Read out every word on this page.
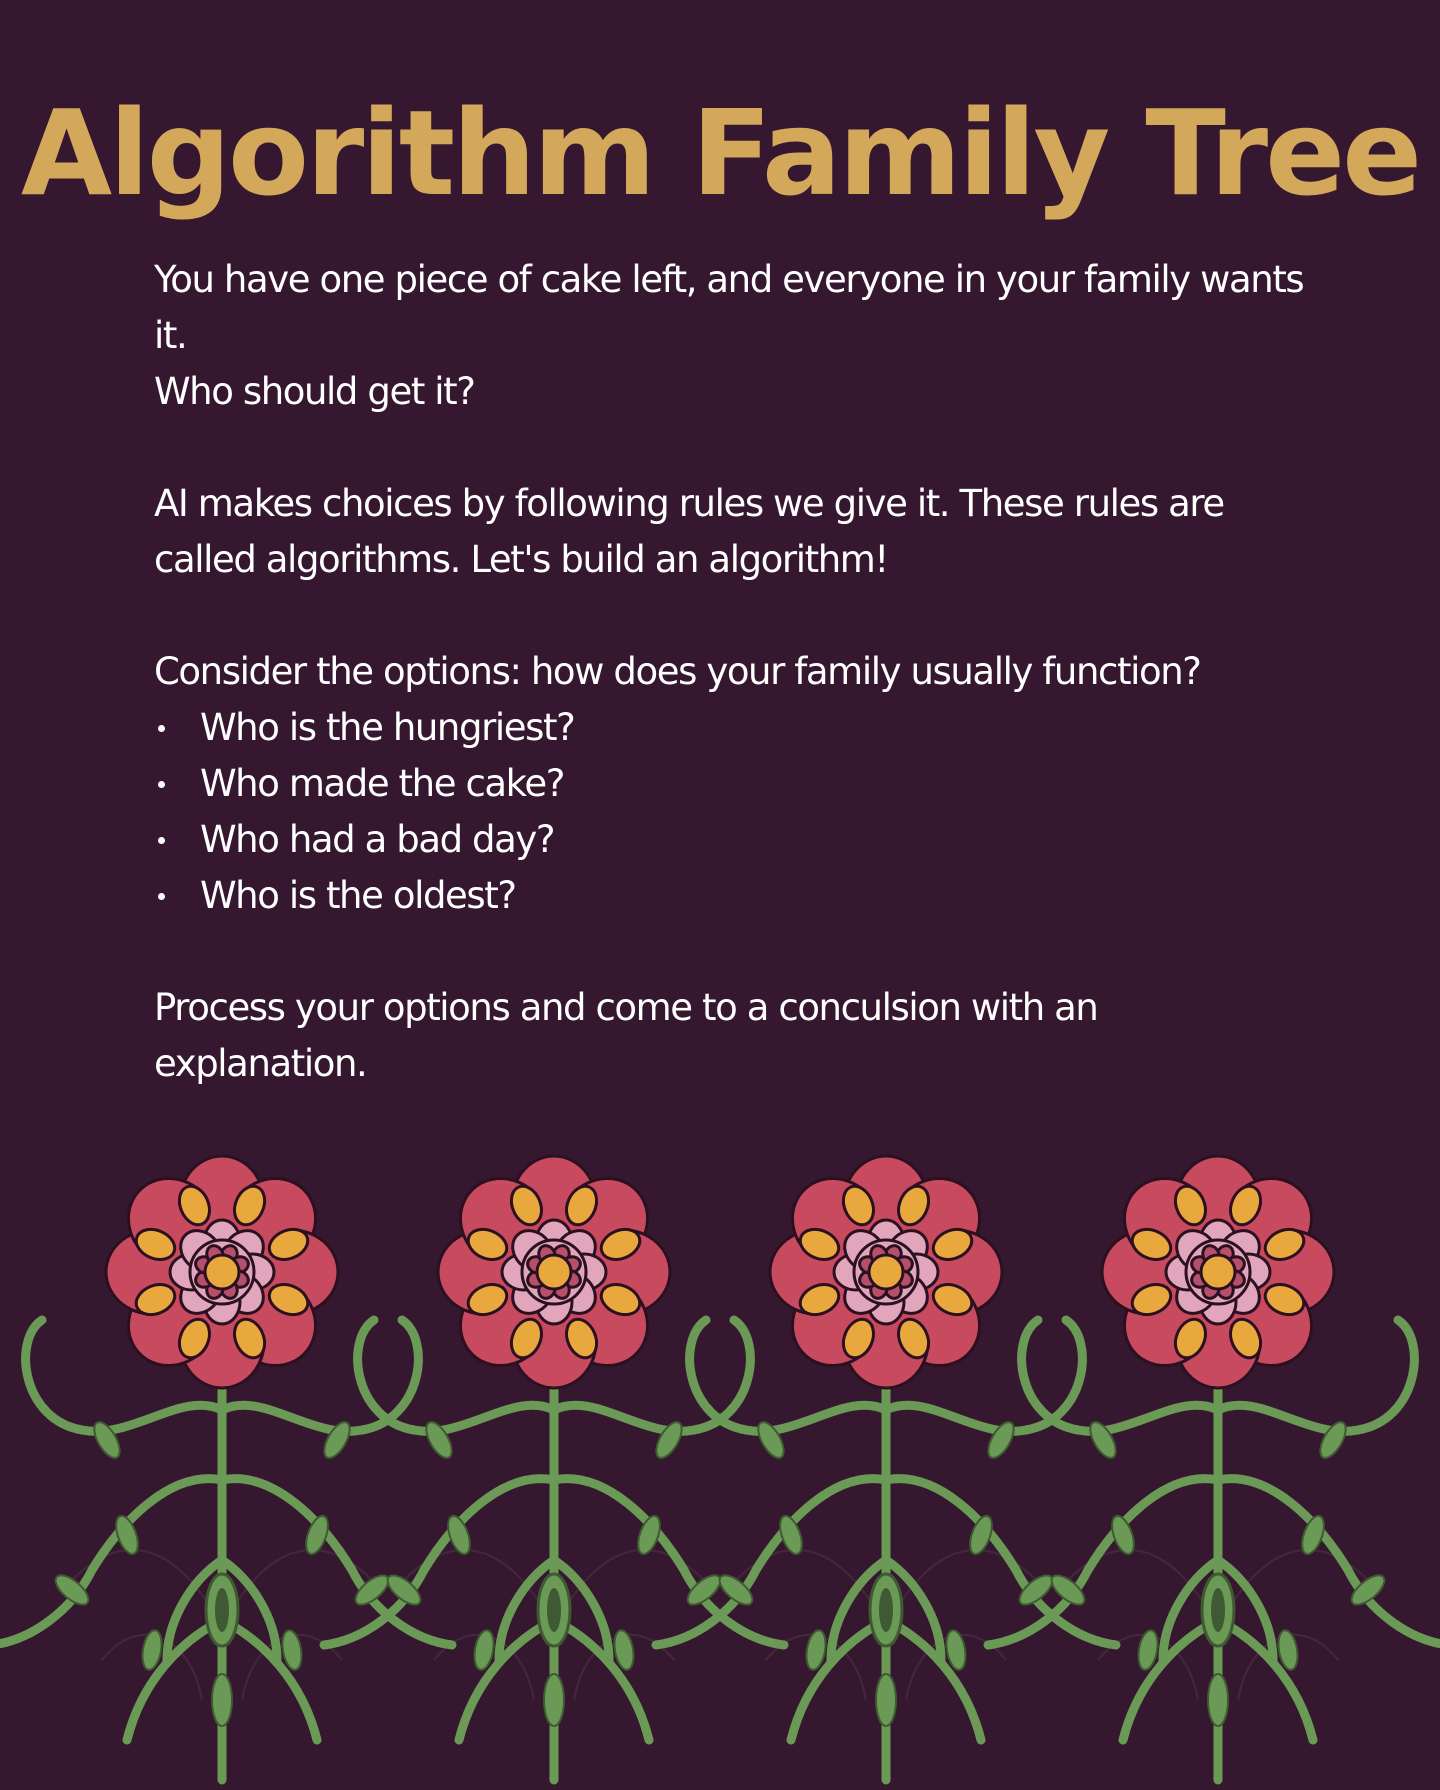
Algorithm Family Tree

You have one piece of cake left, and everyone in your family wants it.

Who should get it?

AI makes choices by following rules we give it. These rules are called algorithms. Let's build an algorithm!

Consider the options: how does your family usually function?

Who is the hungriest?
Who made the cake?
Who had a bad day?
Who is the oldest?

Process your options and come to a conculsion with an explanation.
